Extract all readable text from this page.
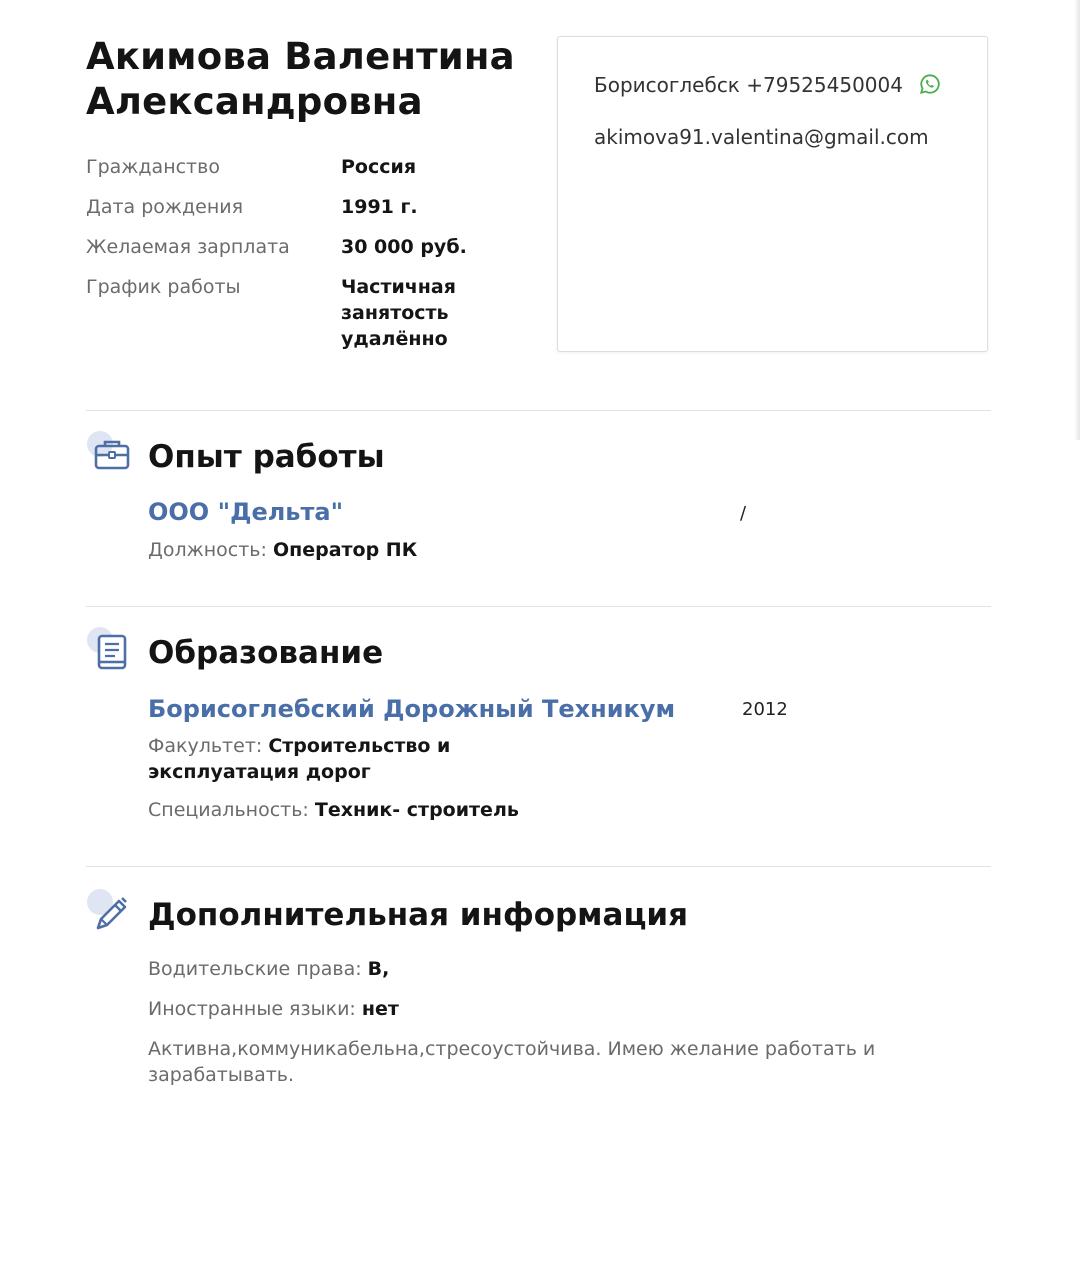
Акимова Валентина
Александровна
Гражданство	Россия
Дата рождения	1991 г.
Желаемая зарплата	30 000 руб.
График работы	Частичная
занятость
удалённо
Борисоглебск +79525450004
akimova91.valentina@gmail.com
Опыт работы
ООО "Дельта"	/
Должность: Оператор ПК
Образование
Борисоглебский Дорожный Техникум	2012
Факультет: Строительство и
эксплуатация дорог
Специальность: Техник- строитель
Дополнительная информация
Водительские права: B,
Иностранные языки: нет
Активна,коммуникабельна,стресоустойчива. Имею желание работать и
зарабатывать.
